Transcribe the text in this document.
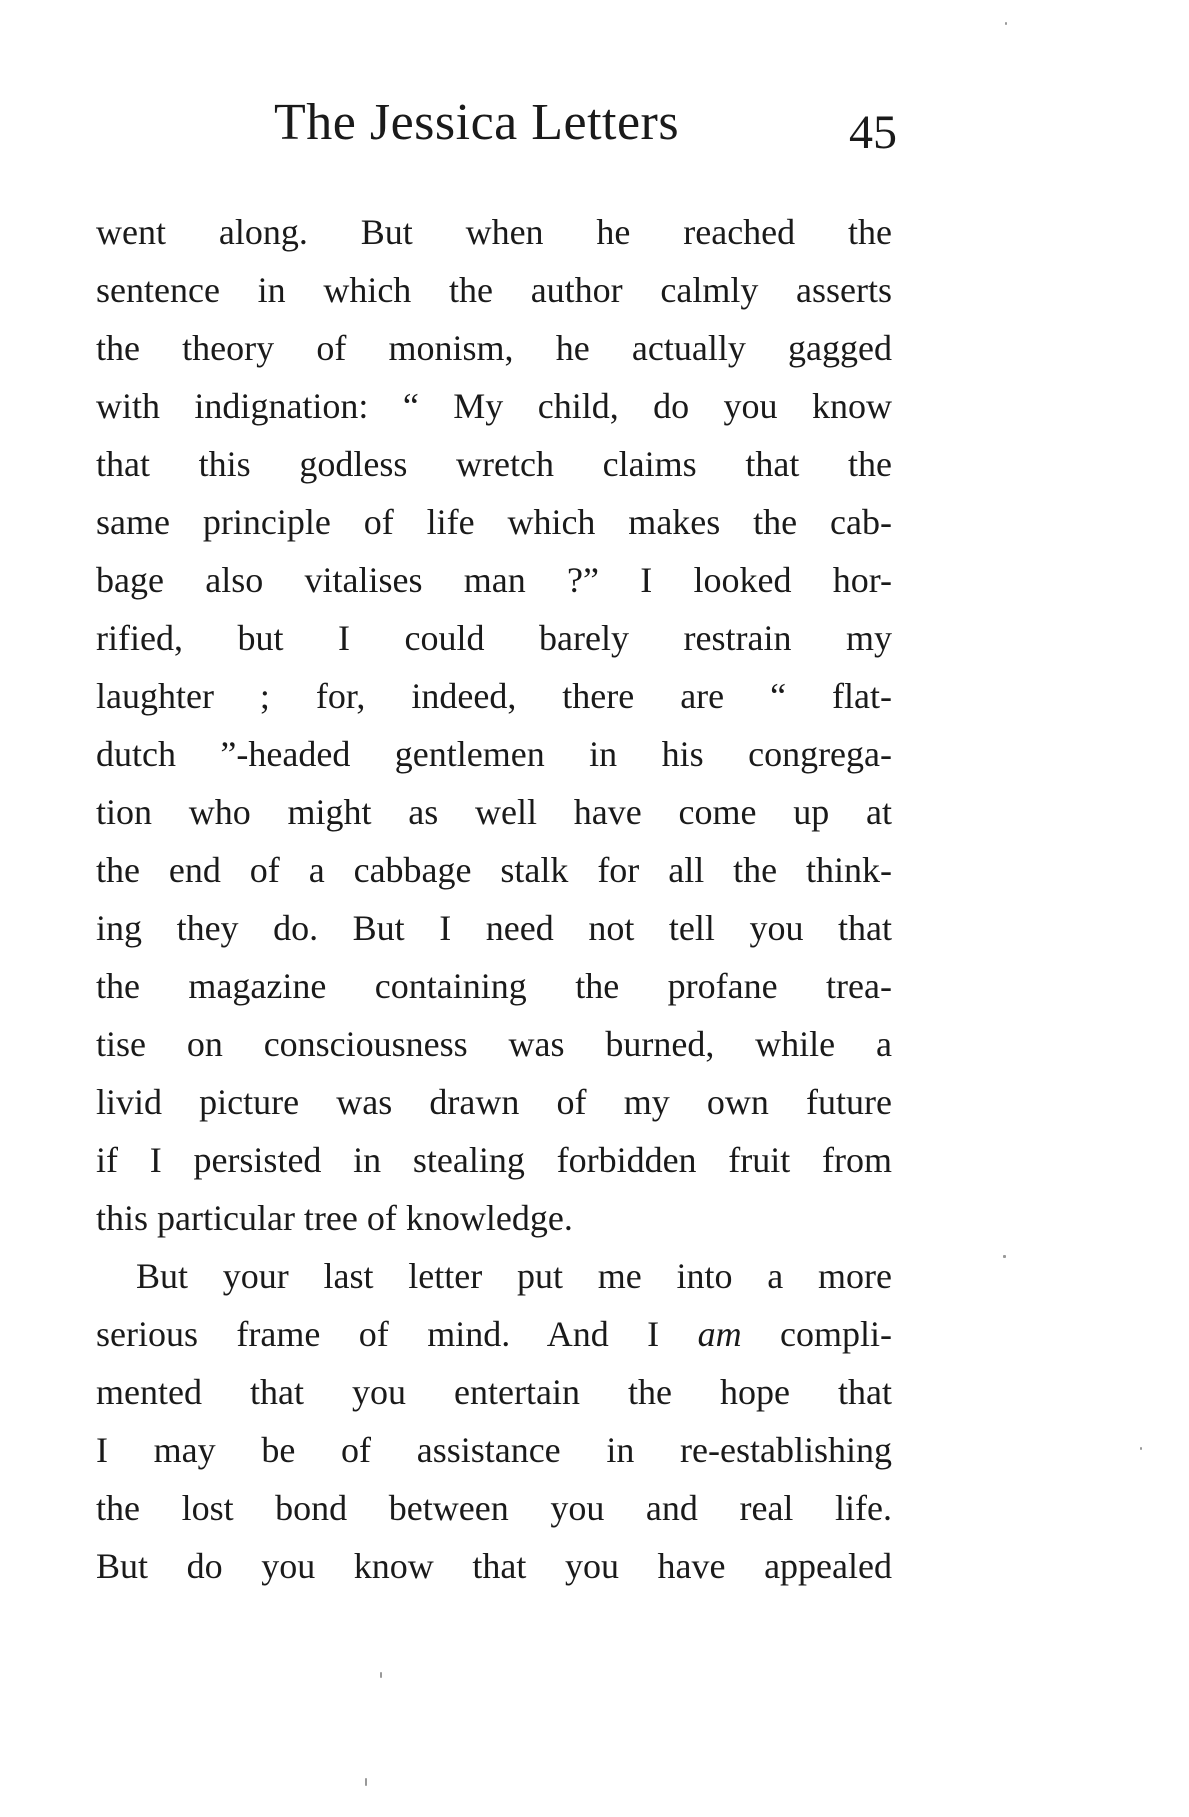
The Jessica Letters	45
went along. But when he reached the
sentence in which the author calmly asserts
the theory of monism, he actually gagged
with indignation: “ My child, do you know
that this godless wretch claims that the
same principle of life which makes the cab-
bage also vitalises man ?” I looked hor-
rified, but I could barely restrain my
laughter ; for, indeed, there are “ flat-
dutch ”-headed gentlemen in his congrega-
tion who might as well have come up at
the end of a cabbage stalk for all the think-
ing they do. But I need not tell you that
the magazine containing the profane trea-
tise on consciousness was burned, while a
livid picture was drawn of my own future
if I persisted in stealing forbidden fruit from
this particular tree of knowledge.
But your last letter put me into a more
serious frame of mind. And I am compli-
mented that you entertain the hope that
I may be of assistance in re-establishing
the lost bond between you and real life.
But do you know that you have appealed
